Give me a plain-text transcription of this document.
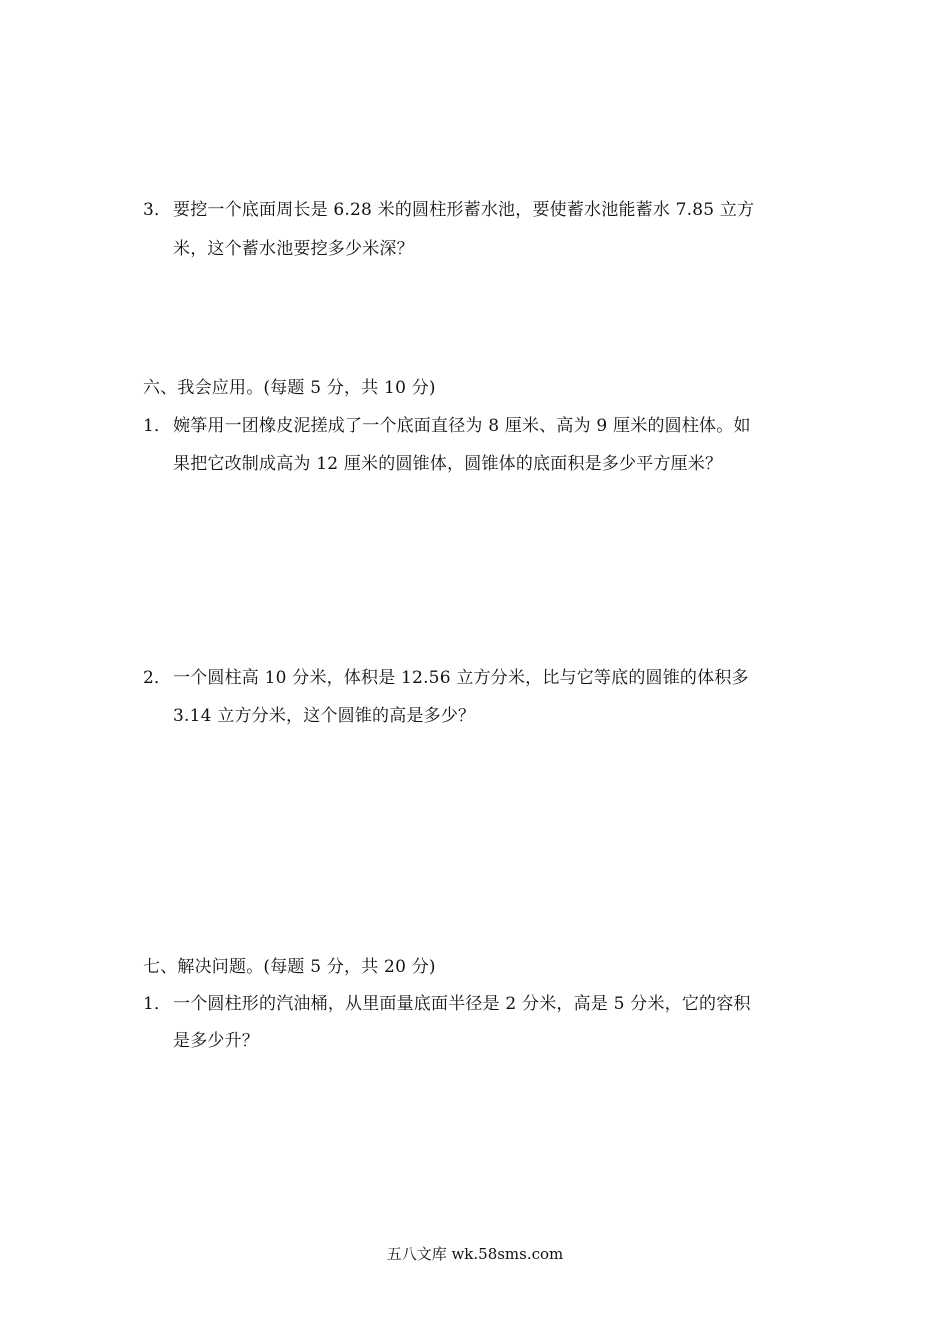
3． 要挖一个底面周长是 6.28 米的圆柱形蓄水池，要使蓄水池能蓄水 7.85 立方
米，这个蓄水池要挖多少米深？
六、我会应用。(每题 5 分，共 10 分)
1． 婉筝用一团橡皮泥搓成了一个底面直径为 8 厘米、高为 9 厘米的圆柱体。如
果把它改制成高为 12 厘米的圆锥体，圆锥体的底面积是多少平方厘米？
2． 一个圆柱高 10 分米，体积是 12.56 立方分米，比与它等底的圆锥的体积多
3.14 立方分米，这个圆锥的高是多少？
七、解决问题。(每题 5 分，共 20 分)
1． 一个圆柱形的汽油桶，从里面量底面半径是 2 分米，高是 5 分米，它的容积
是多少升？
五八文库 wk.58sms.com
